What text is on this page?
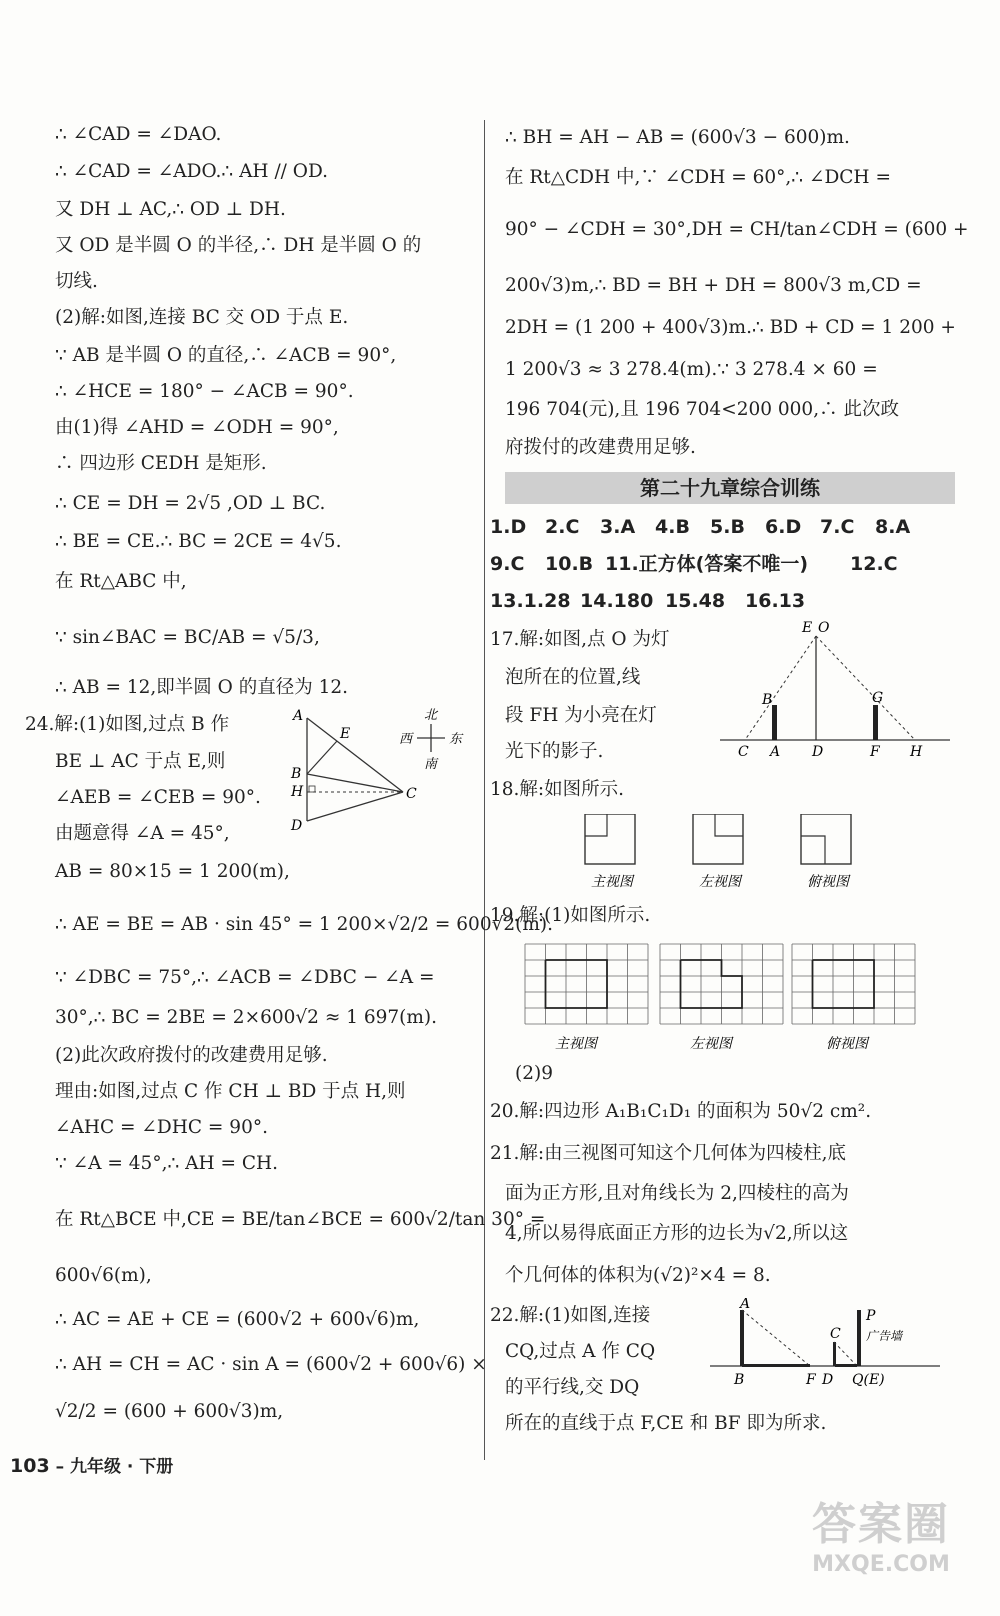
∴ ∠CAD = ∠DAO.
∴ ∠CAD = ∠ADO.∴ AH // OD.
又 DH ⊥ AC,∴ OD ⊥ DH.
又 OD 是半圆 O 的半径,∴ DH 是半圆 O 的
切线.
(2)解:如图,连接 BC 交 OD 于点 E.
∵ AB 是半圆 O 的直径,∴ ∠ACB = 90°,
∴ ∠HCE = 180° − ∠ACB = 90°.
由(1)得 ∠AHD = ∠ODH = 90°,
∴ 四边形 CEDH 是矩形.
∴ CE = DH = 2√5 ,OD ⊥ BC.
∴ BE = CE.∴ BC = 2CE = 4√5.
在 Rt△ABC 中,
∵ sin∠BAC = BC/AB = √5/3,
∴ AB = 12,即半圆 O 的直径为 12.
24.解:(1)如图,过点 B 作
BE ⊥ AC 于点 E,则
∠AEB = ∠CEB = 90°.
由题意得 ∠A = 45°,
AB = 80×15 = 1 200(m),
∴ AE = BE = AB · sin 45° = 1 200×√2/2 = 600√2(m).
∵ ∠DBC = 75°,∴ ∠ACB = ∠DBC − ∠A =
30°,∴ BC = 2BE = 2×600√2 ≈ 1 697(m).
(2)此次政府拨付的改建费用足够.
理由:如图,过点 C 作 CH ⊥ BD 于点 H,则
∠AHC = ∠DHC = 90°.
∵ ∠A = 45°,∴ AH = CH.
在 Rt△BCE 中,CE = BE/tan∠BCE = 600√2/tan 30° =
600√6(m),
∴ AC = AE + CE = (600√2 + 600√6)m,
∴ AH = CH = AC · sin A = (600√2 + 600√6) ×
√2/2 = (600 + 600√3)m,
A
E
B
H	C
D
北
南
西	东
∴ BH = AH − AB = (600√3 − 600)m.
在 Rt△CDH 中,∵ ∠CDH = 60°,∴ ∠DCH =
90° − ∠CDH = 30°,DH = CH/tan∠CDH = (600 +
200√3)m,∴ BD = BH + DH = 800√3 m,CD =
2DH = (1 200 + 400√3)m.∴ BD + CD = 1 200 +
1 200√3 ≈ 3 278.4(m).∵ 3 278.4 × 60 =
196 704(元),且 196 704<200 000,∴ 此次政
府拨付的改建费用足够.
第二十九章综合训练
1.D 2.C 3.A 4.B 5.B 6.D 7.C 8.A
9.C 10.B 11.正方体(答案不唯一) 12.C
13.1.28 14.180 15.48 16.13
17.解:如图,点 O 为灯
泡所在的位置,线
段 FH 为小亮在灯
光下的影子.
E O
B	G
C A D	F H
18.解:如图所示.
主视图	左视图	俯视图
19.解:(1)如图所示.
主视图	左视图	俯视图
(2)9
20.解:四边形 A₁B₁C₁D₁ 的面积为 50√2 cm².
21.解:由三视图可知这个几何体为四棱柱,底
面为正方形,且对角线长为 2,四棱柱的高为
4,所以易得底面正方形的边长为√2,所以这
个几何体的体积为(√2)²×4 = 8.
22.解:(1)如图,连接
CQ,过点 A 作 CQ
的平行线,交 DQ
所在的直线于点 F,CE 和 BF 即为所求.
A
C
P
广告墙
B	F D Q(E)
103 – 九年级 · 下册
答案圈
MXQE.COM
